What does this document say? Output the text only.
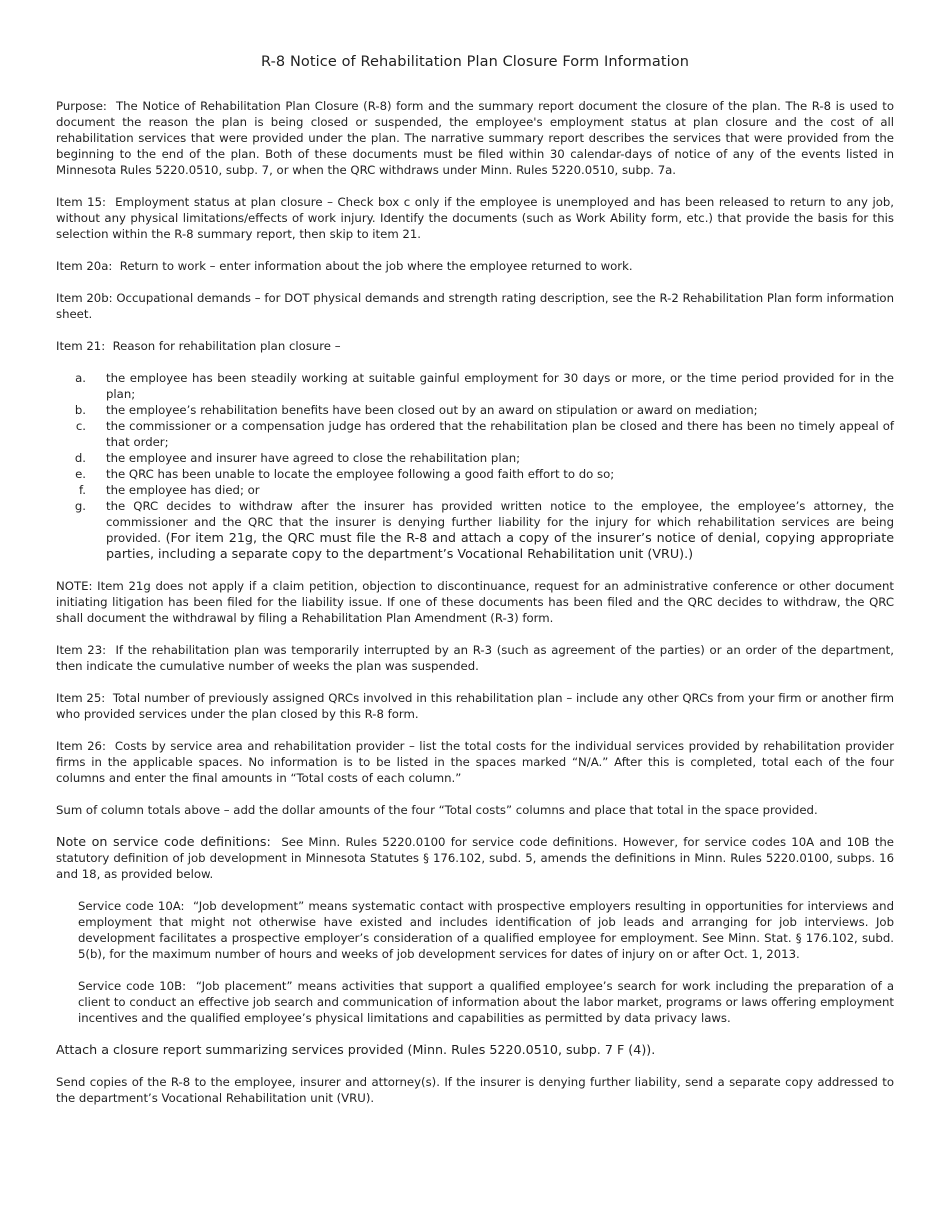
R-8 Notice of Rehabilitation Plan Closure Form Information

Purpose: The Notice of Rehabilitation Plan Closure (R-8) form and the summary report document the closure of the plan. The R-8 is used to document the reason the plan is being closed or suspended, the employee's employment status at plan closure and the cost of all rehabilitation services that were provided under the plan. The narrative summary report describes the services that were provided from the beginning to the end of the plan. Both of these documents must be filed within 30 calendar-days of notice of any of the events listed in Minnesota Rules 5220.0510, subp. 7, or when the QRC withdraws under Minn. Rules 5220.0510, subp. 7a.

Item 15: Employment status at plan closure – Check box c only if the employee is unemployed and has been released to return to any job, without any physical limitations/effects of work injury. Identify the documents (such as Work Ability form, etc.) that provide the basis for this selection within the R-8 summary report, then skip to item 21.

Item 20a: Return to work – enter information about the job where the employee returned to work.

Item 20b: Occupational demands – for DOT physical demands and strength rating description, see the R-2 Rehabilitation Plan form information sheet.

Item 21: Reason for rehabilitation plan closure –

a.	the employee has been steadily working at suitable gainful employment for 30 days or more, or the time period provided for in the plan;
b.	the employee’s rehabilitation benefits have been closed out by an award on stipulation or award on mediation;
c.	the commissioner or a compensation judge has ordered that the rehabilitation plan be closed and there has been no timely appeal of that order;
d.	the employee and insurer have agreed to close the rehabilitation plan;
e.	the QRC has been unable to locate the employee following a good faith effort to do so;
f.	the employee has died; or
g.	the QRC decides to withdraw after the insurer has provided written notice to the employee, the employee’s attorney, the commissioner and the QRC that the insurer is denying further liability for the injury for which rehabilitation services are being provided. (For item 21g, the QRC must file the R-8 and attach a copy of the insurer’s notice of denial, copying appropriate parties, including a separate copy to the department’s Vocational Rehabilitation unit (VRU).)

NOTE: Item 21g does not apply if a claim petition, objection to discontinuance, request for an administrative conference or other document initiating litigation has been filed for the liability issue. If one of these documents has been filed and the QRC decides to withdraw, the QRC shall document the withdrawal by filing a Rehabilitation Plan Amendment (R-3) form.

Item 23: If the rehabilitation plan was temporarily interrupted by an R-3 (such as agreement of the parties) or an order of the department, then indicate the cumulative number of weeks the plan was suspended.

Item 25: Total number of previously assigned QRCs involved in this rehabilitation plan – include any other QRCs from your firm or another firm who provided services under the plan closed by this R-8 form.

Item 26: Costs by service area and rehabilitation provider – list the total costs for the individual services provided by rehabilitation provider firms in the applicable spaces. No information is to be listed in the spaces marked “N/A.” After this is completed, total each of the four columns and enter the final amounts in “Total costs of each column.”

Sum of column totals above – add the dollar amounts of the four “Total costs” columns and place that total in the space provided.

Note on service code definitions: See Minn. Rules 5220.0100 for service code definitions. However, for service codes 10A and 10B the statutory definition of job development in Minnesota Statutes § 176.102, subd. 5, amends the definitions in Minn. Rules 5220.0100, subps. 16 and 18, as provided below.

Service code 10A: “Job development” means systematic contact with prospective employers resulting in opportunities for interviews and employment that might not otherwise have existed and includes identification of job leads and arranging for job interviews. Job development facilitates a prospective employer’s consideration of a qualified employee for employment. See Minn. Stat. § 176.102, subd. 5(b), for the maximum number of hours and weeks of job development services for dates of injury on or after Oct. 1, 2013.

Service code 10B: “Job placement” means activities that support a qualified employee’s search for work including the preparation of a client to conduct an effective job search and communication of information about the labor market, programs or laws offering employment incentives and the qualified employee’s physical limitations and capabilities as permitted by data privacy laws.

Attach a closure report summarizing services provided (Minn. Rules 5220.0510, subp. 7 F (4)).

Send copies of the R-8 to the employee, insurer and attorney(s). If the insurer is denying further liability, send a separate copy addressed to the department’s Vocational Rehabilitation unit (VRU).
